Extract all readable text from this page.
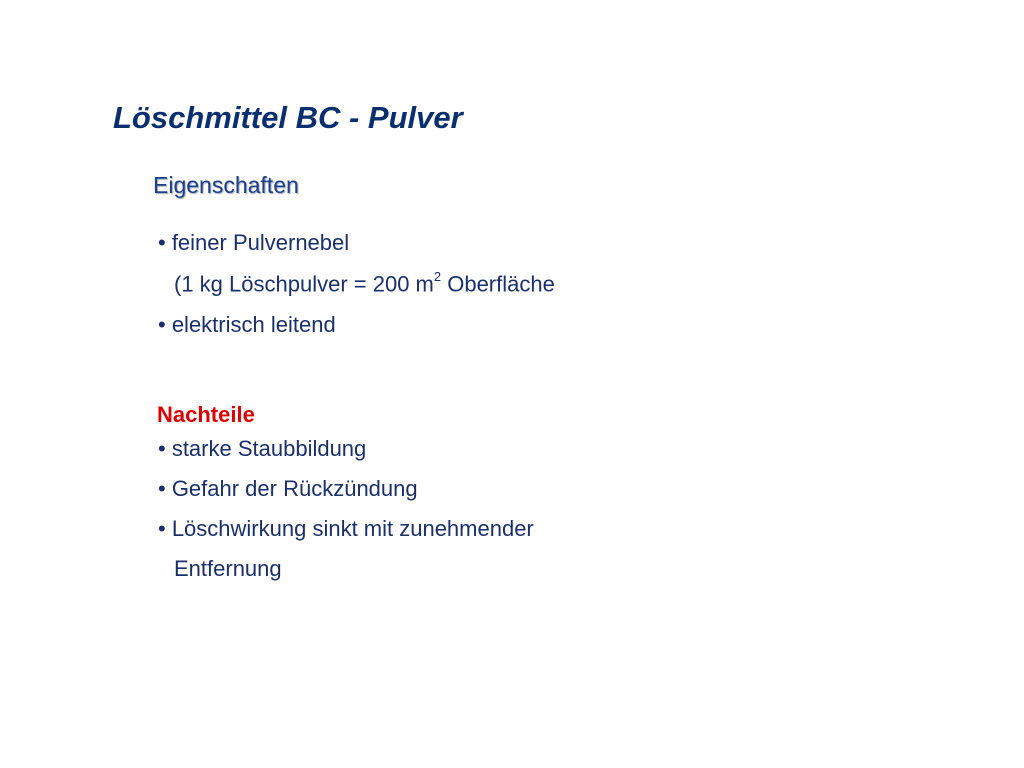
Löschmittel BC - Pulver
Eigenschaften
• feiner Pulvernebel
(1 kg Löschpulver = 200 $m^2$ Oberfläche
• elektrisch leitend
Nachteile
• starke Staubbildung
• Gefahr der Rückzündung
• Löschwirkung sinkt mit zunehmender
Entfernung
